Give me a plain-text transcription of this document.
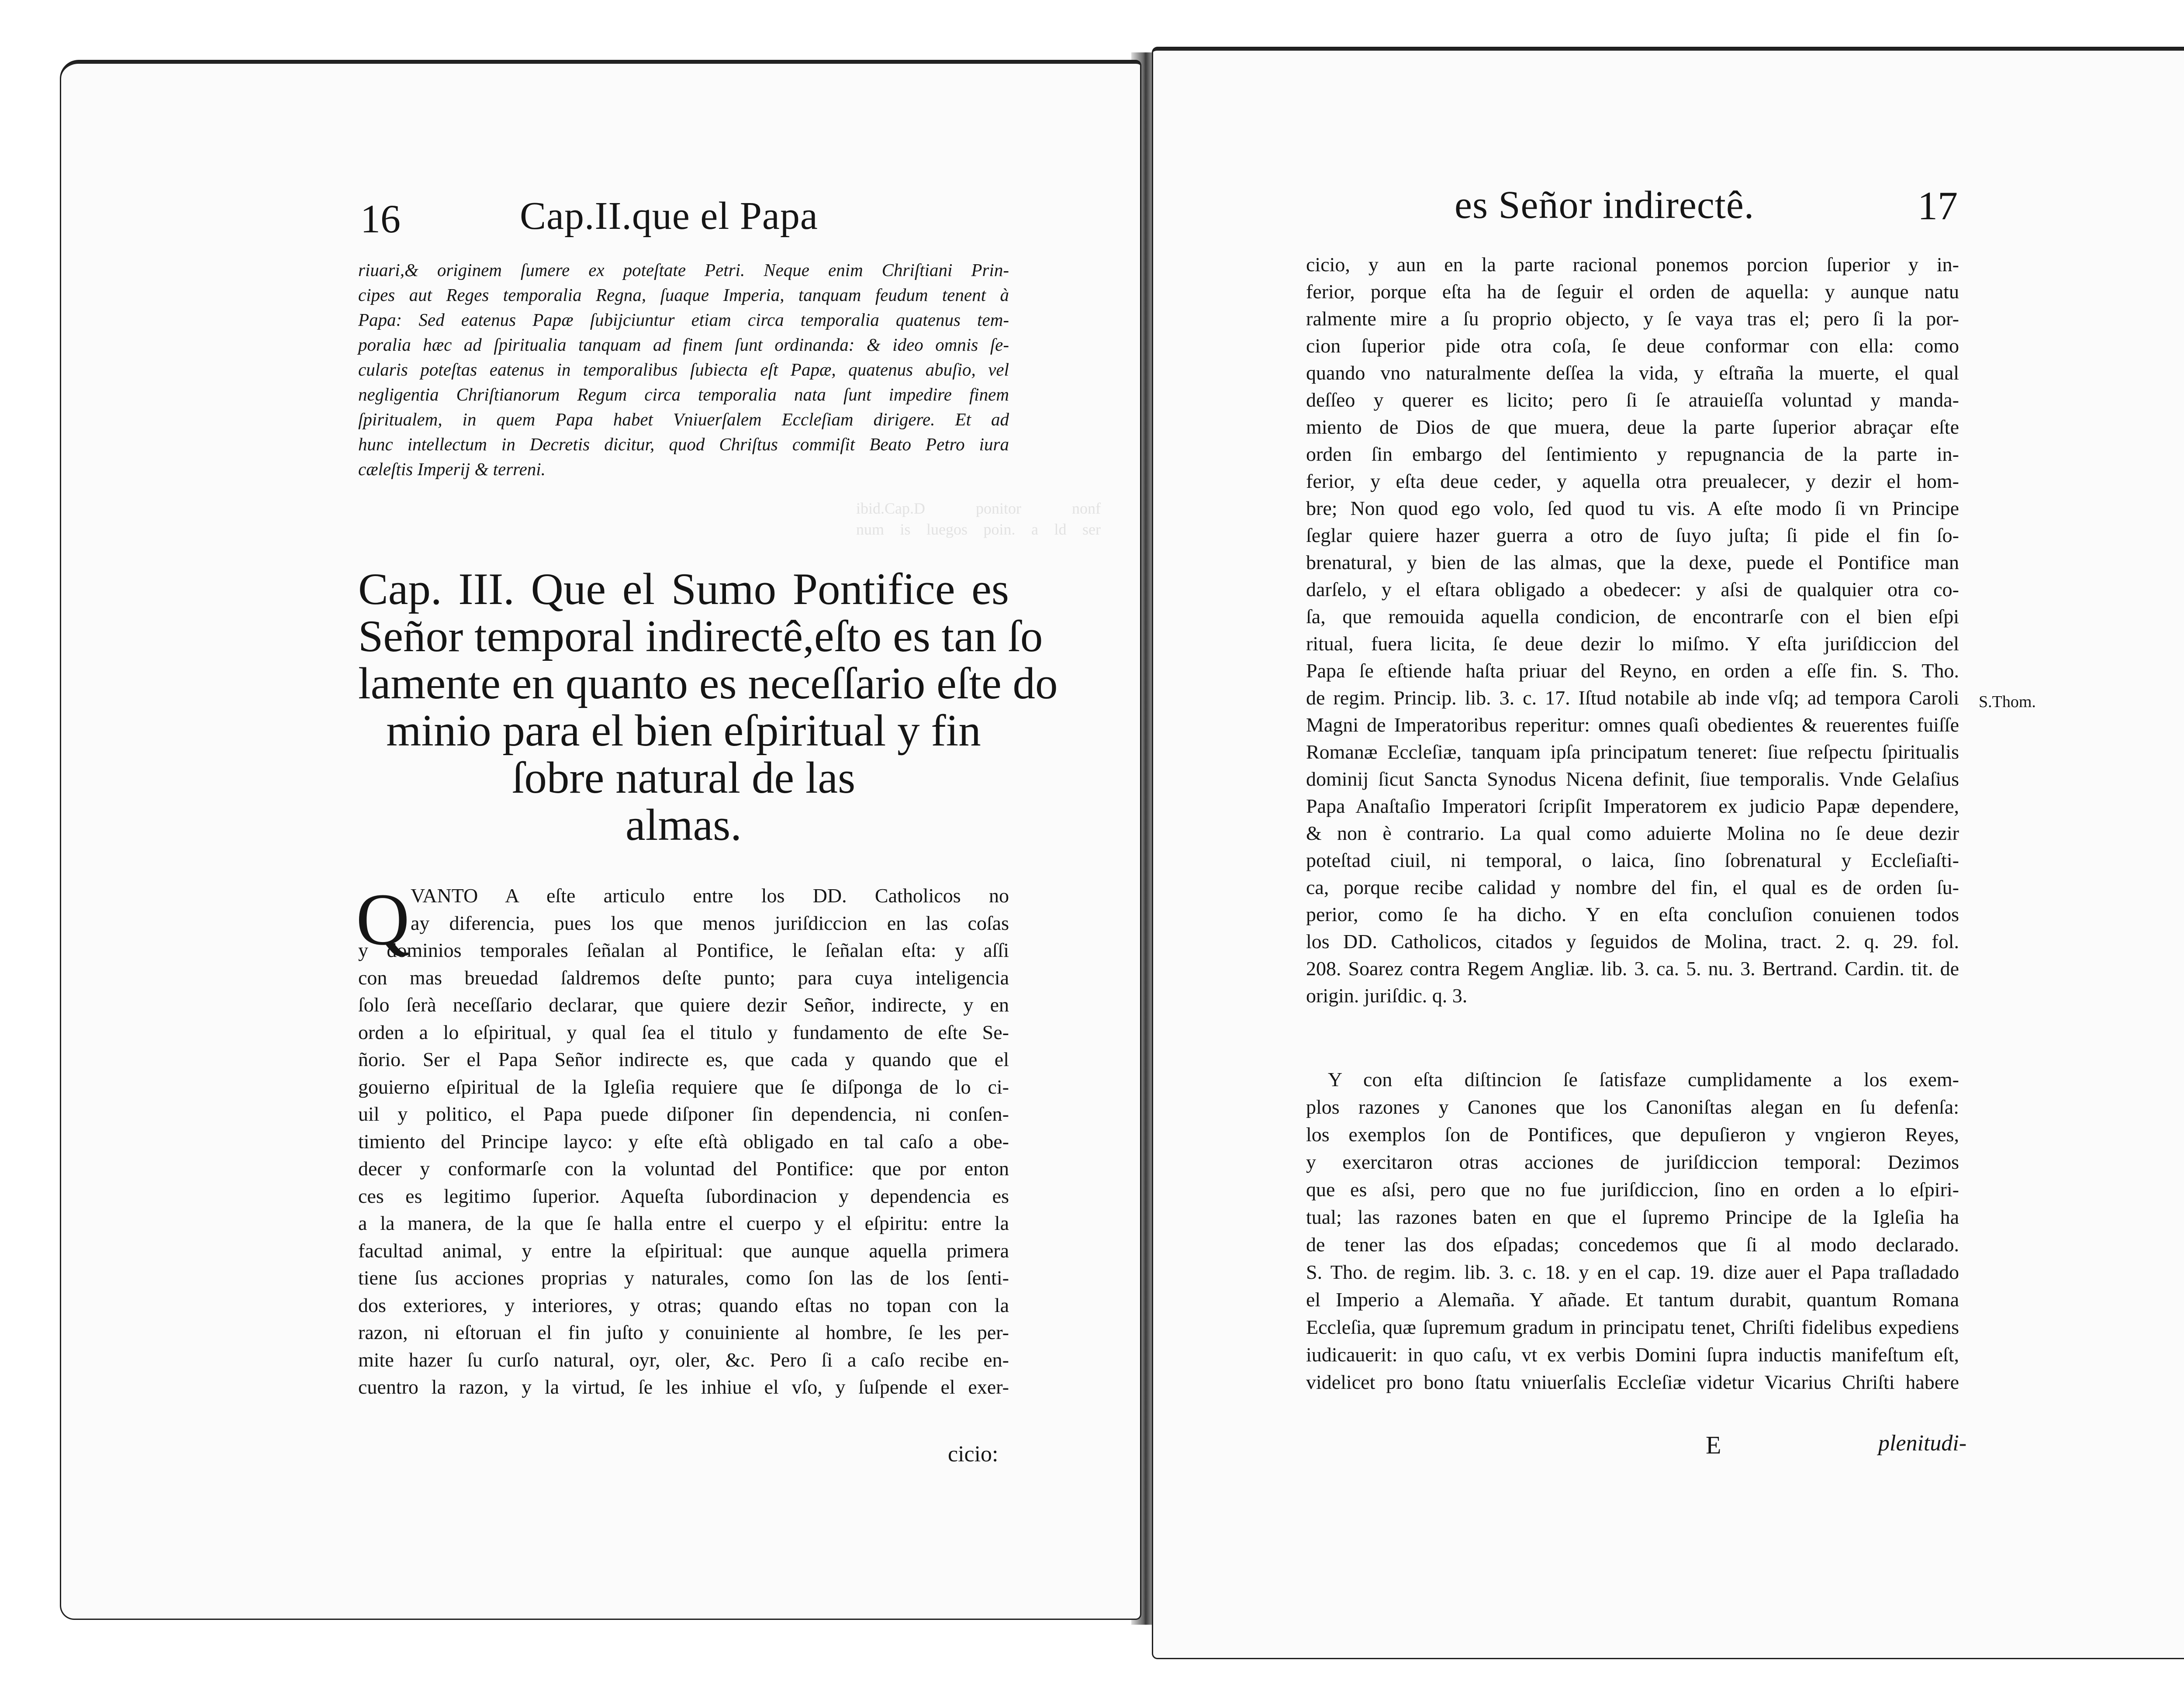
ibid.Cap.D ponitor nonf
num is luegos poin. a ld ser
16	Cap.II.que el Papa
riuari,& originem ſumere ex poteſtate Petri. Neque enim Chriſtiani Prin-
cipes aut Reges temporalia Regna, ſuaque Imperia, tanquam feudum tenent à
Papa: Sed eatenus Papæ ſubijciuntur etiam circa temporalia quatenus tem-
poralia hæc ad ſpiritualia tanquam ad finem ſunt ordinanda: & ideo omnis ſe-
cularis poteſtas eatenus in temporalibus ſubiecta eſt Papæ, quatenus abuſio, vel
negligentia Chriſtianorum Regum circa temporalia nata ſunt impedire finem
ſpiritualem, in quem Papa habet Vniuerſalem Eccleſiam dirigere. Et ad
hunc intellectum in Decretis dicitur, quod Chriſtus commiſit Beato Petro iura
cæleſtis Imperij & terreni.
Cap. III. Que el Sumo Pontifice es
Señor temporal indirectê,eſto es tan ſo
lamente en quanto es neceſſario eſte do
minio para el bien eſpiritual y fin
ſobre natural de las
almas.
Q VANTO A eſte articulo entre los DD. Catholicos no
ay diferencia, pues los que menos juriſdiccion en las coſas
y dominios temporales ſeñalan al Pontifice, le ſeñalan eſta: y aſſi
con mas breuedad ſaldremos deſte punto; para cuya inteligencia
ſolo ſerà neceſſario declarar, que quiere dezir Señor, indirecte, y en
orden a lo eſpiritual, y qual ſea el titulo y fundamento de eſte Se-
ñorio. Ser el Papa Señor indirecte es, que cada y quando que el
gouierno eſpiritual de la Igleſia requiere que ſe diſponga de lo ci-
uil y politico, el Papa puede diſponer ſin dependencia, ni conſen-
timiento del Principe layco: y eſte eſtà obligado en tal caſo a obe-
decer y conformarſe con la voluntad del Pontifice: que por enton
ces es legitimo ſuperior. Aqueſta ſubordinacion y dependencia es
a la manera, de la que ſe halla entre el cuerpo y el eſpiritu: entre la
facultad animal, y entre la eſpiritual: que aunque aquella primera
tiene ſus acciones proprias y naturales, como ſon las de los ſenti-
dos exteriores, y interiores, y otras; quando eſtas no topan con la
razon, ni eſtoruan el fin juſto y conuiniente al hombre, ſe les per-
mite hazer ſu curſo natural, oyr, oler, &c. Pero ſi a caſo recibe en-
cuentro la razon, y la virtud, ſe les inhiue el vſo, y ſuſpende el exer-
cicio:
es Señor indirectê.	17
cicio, y aun en la parte racional ponemos porcion ſuperior y in-
ferior, porque eſta ha de ſeguir el orden de aquella: y aunque natu
ralmente mire a ſu proprio objecto, y ſe vaya tras el; pero ſi la por-
cion ſuperior pide otra coſa, ſe deue conformar con ella: como
quando vno naturalmente deſſea la vida, y eſtraña la muerte, el qual
deſſeo y querer es licito; pero ſi ſe atrauieſſa voluntad y manda-
miento de Dios de que muera, deue la parte ſuperior abraçar eſte
orden ſin embargo del ſentimiento y repugnancia de la parte in-
ferior, y eſta deue ceder, y aquella otra preualecer, y dezir el hom-
bre; Non quod ego volo, ſed quod tu vis. A eſte modo ſi vn Principe
ſeglar quiere hazer guerra a otro de ſuyo juſta; ſi pide el fin ſo-
brenatural, y bien de las almas, que la dexe, puede el Pontifice man
darſelo, y el eſtara obligado a obedecer: y aſsi de qualquier otra co-
ſa, que remouida aquella condicion, de encontrarſe con el bien eſpi
ritual, fuera licita, ſe deue dezir lo miſmo. Y eſta juriſdiccion del
Papa ſe eſtiende haſta priuar del Reyno, en orden a eſſe fin. S. Tho.
de regim. Princip. lib. 3. c. 17. Iſtud notabile ab inde vſq; ad tempora Caroli
Magni de Imperatoribus reperitur: omnes quaſi obedientes & reuerentes fuiſſe
Romanæ Eccleſiæ, tanquam ipſa principatum teneret: ſiue reſpectu ſpiritualis
dominij ſicut Sancta Synodus Nicena definit, ſiue temporalis. Vnde Gelaſius
Papa Anaſtaſio Imperatori ſcripſit Imperatorem ex judicio Papæ dependere,
& non è contrario. La qual como aduierte Molina no ſe deue dezir
poteſtad ciuil, ni temporal, o laica, ſino ſobrenatural y Eccleſiaſti-
ca, porque recibe calidad y nombre del fin, el qual es de orden ſu-
perior, como ſe ha dicho. Y en eſta concluſion conuienen todos
los DD. Catholicos, citados y ſeguidos de Molina, tract. 2. q. 29. fol.
208. Soarez contra Regem Angliæ. lib. 3. ca. 5. nu. 3. Bertrand. Cardin. tit. de
origin. juriſdic. q. 3.
Y con eſta diſtincion ſe ſatisfaze cumplidamente a los exem-
plos razones y Canones que los Canoniſtas alegan en ſu defenſa:
los exemplos ſon de Pontifices, que depuſieron y vngieron Reyes,
y exercitaron otras acciones de juriſdiccion temporal: Dezimos
que es aſsi, pero que no fue juriſdiccion, ſino en orden a lo eſpiri-
tual; las razones baten en que el ſupremo Principe de la Igleſia ha
de tener las dos eſpadas; concedemos que ſi al modo declarado.
S. Tho. de regim. lib. 3. c. 18. y en el cap. 19. dize auer el Papa traſladado
el Imperio a Alemaña. Y añade. Et tantum durabit, quantum Romana
Eccleſia, quæ ſupremum gradum in principatu tenet, Chriſti fidelibus expediens
iudicauerit: in quo caſu, vt ex verbis Domini ſupra inductis manifeſtum eſt,
videlicet pro bono ſtatu vniuerſalis Eccleſiæ videtur Vicarius Chriſti habere
S.Thom.
E	plenitudi-
